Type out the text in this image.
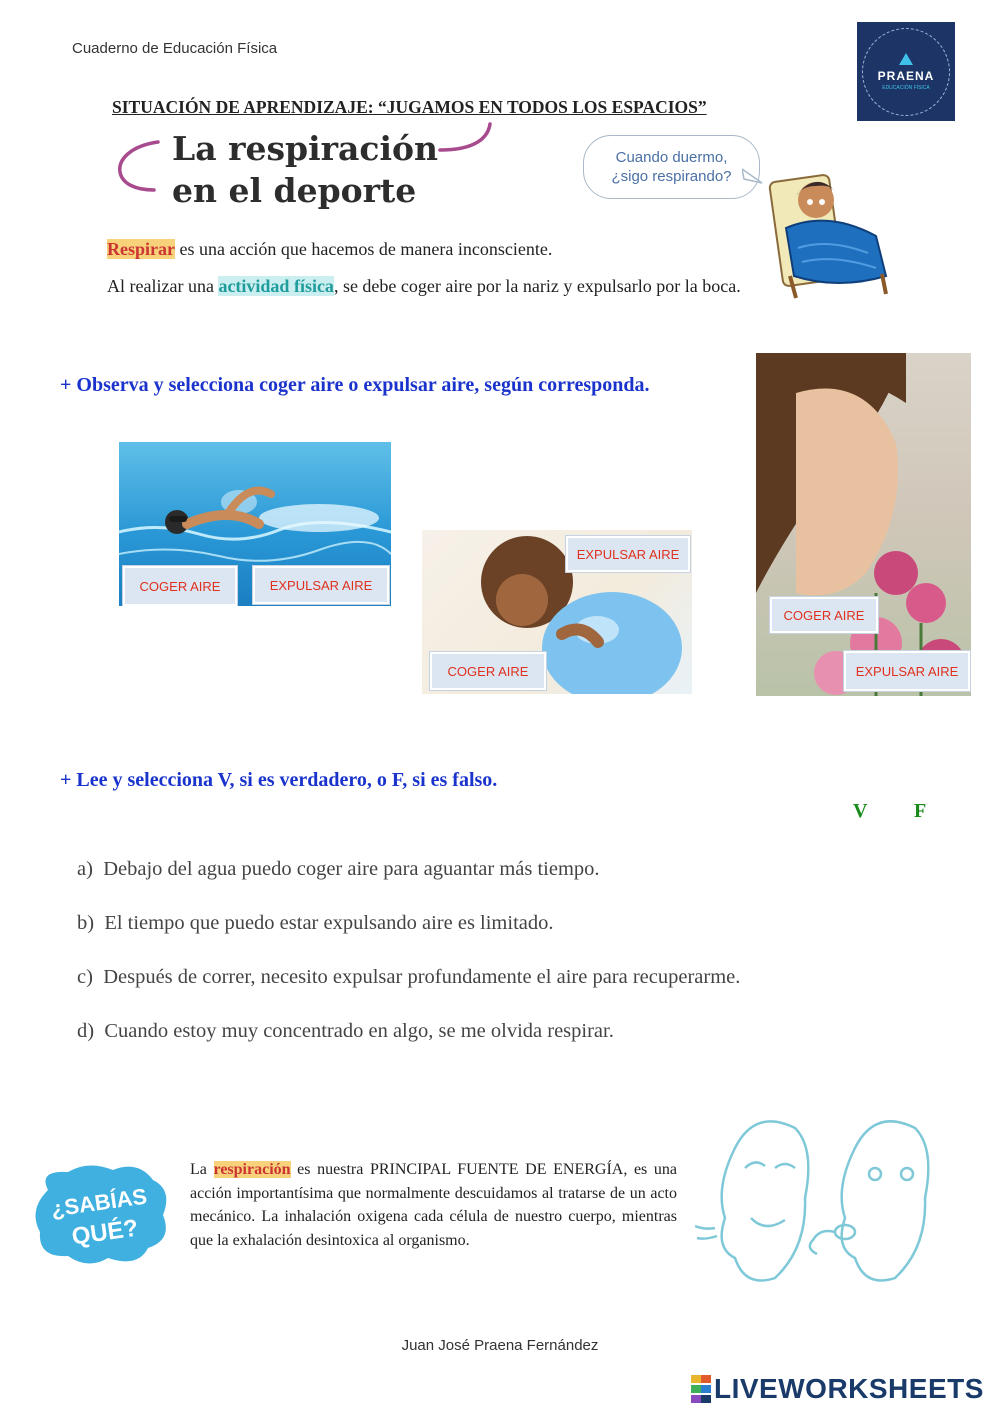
Cuaderno de Educación Física
PRAENA
EDUCACIÓN FÍSICA
SITUACIÓN DE APRENDIZAJE: “JUGAMOS EN TODOS LOS ESPACIOS”
La respiración
en el deporte
Cuando duermo,
¿sigo respirando?
Respirar es una acción que hacemos de manera inconsciente.
Al realizar una actividad física, se debe coger aire por la nariz y expulsarlo por la boca.
+ Observa y selecciona coger aire o expulsar aire, según corresponda.
COGER AIRE	EXPULSAR AIRE
EXPULSAR AIRE
COGER AIRE
COGER AIRE
EXPULSAR AIRE
+ Lee y selecciona V, si es verdadero, o F, si es falso.
V F
a) Debajo del agua puedo coger aire para aguantar más tiempo.
b) El tiempo que puedo estar expulsando aire es limitado.
c) Después de correr, necesito expulsar profundamente el aire para recuperarme.
d) Cuando estoy muy concentrado en algo, se me olvida respirar.
¿SABÍAS
QUÉ?
La respiración es nuestra PRINCIPAL FUENTE DE ENERGÍA, es una acción importantísima que normalmente descuidamos al tratarse de un acto mecánico. La inhalación oxigena cada célula de nuestro cuerpo, mientras que la exhalación desintoxica al organismo.
Juan José Praena Fernández
LIVEWORKSHEETS
